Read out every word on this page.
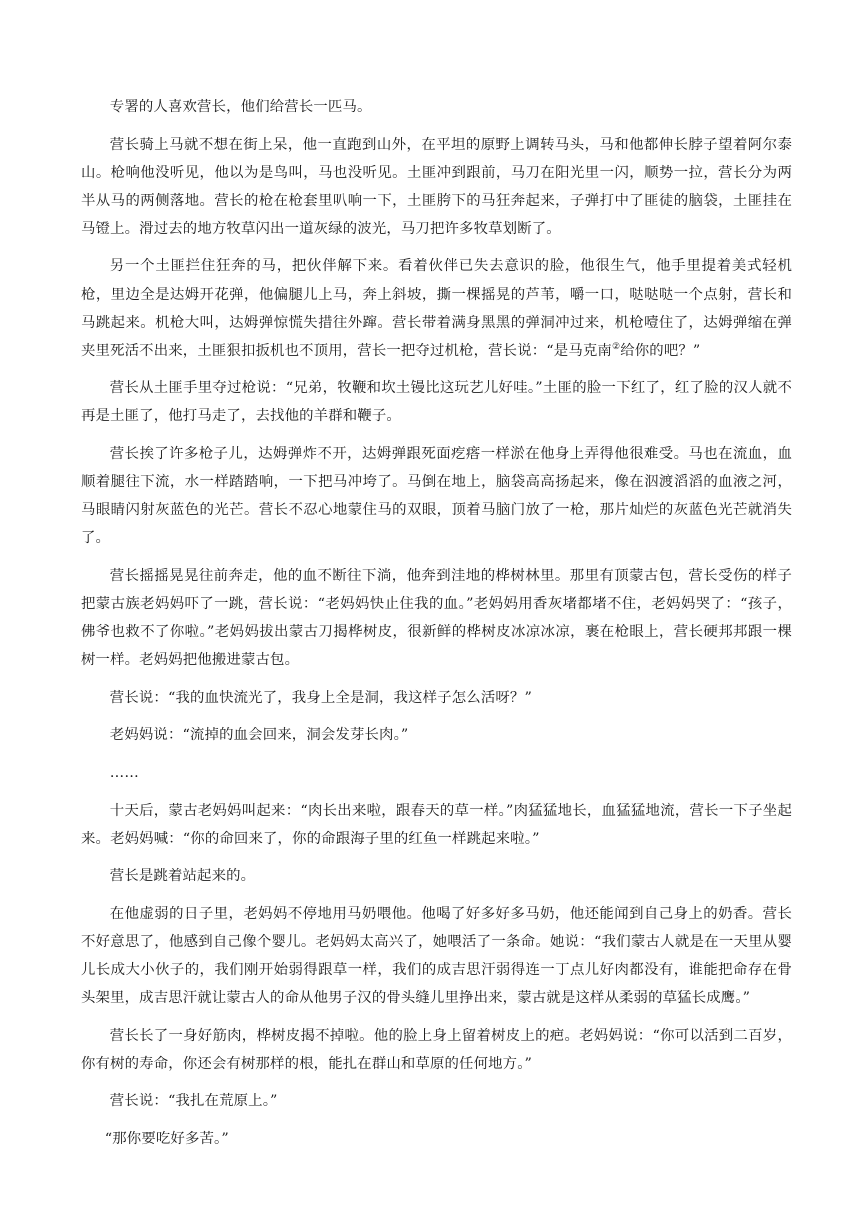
专署的人喜欢营长，他们给营长一匹马。

营长骑上马就不想在街上呆，他一直跑到山外，在平坦的原野上调转马头，马和他都伸长脖子望着阿尔泰山。枪响他没听见，他以为是鸟叫，马也没听见。土匪冲到跟前，马刀在阳光里一闪，顺势一拉，营长分为两半从马的两侧落地。营长的枪在枪套里叭响一下，土匪胯下的马狂奔起来，子弹打中了匪徒的脑袋，土匪挂在马镫上。滑过去的地方牧草闪出一道灰绿的波光，马刀把许多牧草划断了。

另一个土匪拦住狂奔的马，把伙伴解下来。看着伙伴已失去意识的脸，他很生气，他手里提着美式轻机枪，里边全是达姆开花弹，他偏腿儿上马，奔上斜坡，撕一棵摇晃的芦苇，嚼一口，哒哒哒一个点射，营长和马跳起来。机枪大叫，达姆弹惊慌失措往外蹿。营长带着满身黑黑的弹洞冲过来，机枪噎住了，达姆弹缩在弹夹里死活不出来，土匪狠扣扳机也不顶用，营长一把夺过机枪，营长说：“是马克南②给你的吧？”

营长从土匪手里夺过枪说：“兄弟，牧鞭和坎土镘比这玩艺儿好哇。”土匪的脸一下红了，红了脸的汉人就不再是土匪了，他打马走了，去找他的羊群和鞭子。

营长挨了许多枪子儿，达姆弹炸不开，达姆弹跟死面疙瘩一样淤在他身上弄得他很难受。马也在流血，血顺着腿往下流，水一样踏踏响，一下把马冲垮了。马倒在地上，脑袋高高扬起来，像在泅渡滔滔的血液之河，马眼睛闪射灰蓝色的光芒。营长不忍心地蒙住马的双眼，顶着马脑门放了一枪，那片灿烂的灰蓝色光芒就消失了。

营长摇摇晃晃往前奔走，他的血不断往下淌，他奔到洼地的桦树林里。那里有顶蒙古包，营长受伤的样子把蒙古族老妈妈吓了一跳，营长说：“老妈妈快止住我的血。”老妈妈用香灰堵都堵不住，老妈妈哭了：“孩子，佛爷也救不了你啦。”老妈妈拔出蒙古刀揭桦树皮，很新鲜的桦树皮冰凉冰凉，裹在枪眼上，营长硬邦邦跟一棵树一样。老妈妈把他搬进蒙古包。

营长说：“我的血快流光了，我身上全是洞，我这样子怎么活呀？”

老妈妈说：“流掉的血会回来，洞会发芽长肉。”

……

十天后，蒙古老妈妈叫起来：“肉长出来啦，跟春天的草一样。”肉猛猛地长，血猛猛地流，营长一下子坐起来。老妈妈喊：“你的命回来了，你的命跟海子里的红鱼一样跳起来啦。”

营长是跳着站起来的。

在他虚弱的日子里，老妈妈不停地用马奶喂他。他喝了好多好多马奶，他还能闻到自己身上的奶香。营长不好意思了，他感到自己像个婴儿。老妈妈太高兴了，她喂活了一条命。她说：“我们蒙古人就是在一天里从婴儿长成大小伙子的，我们刚开始弱得跟草一样，我们的成吉思汗弱得连一丁点儿好肉都没有，谁能把命存在骨头架里，成吉思汗就让蒙古人的命从他男子汉的骨头缝儿里挣出来，蒙古就是这样从柔弱的草猛长成鹰。”

营长长了一身好筋肉，桦树皮揭不掉啦。他的脸上身上留着树皮上的疤。老妈妈说：“你可以活到二百岁，你有树的寿命，你还会有树那样的根，能扎在群山和草原的任何地方。”

营长说：“我扎在荒原上。”

“那你要吃好多苦。”
